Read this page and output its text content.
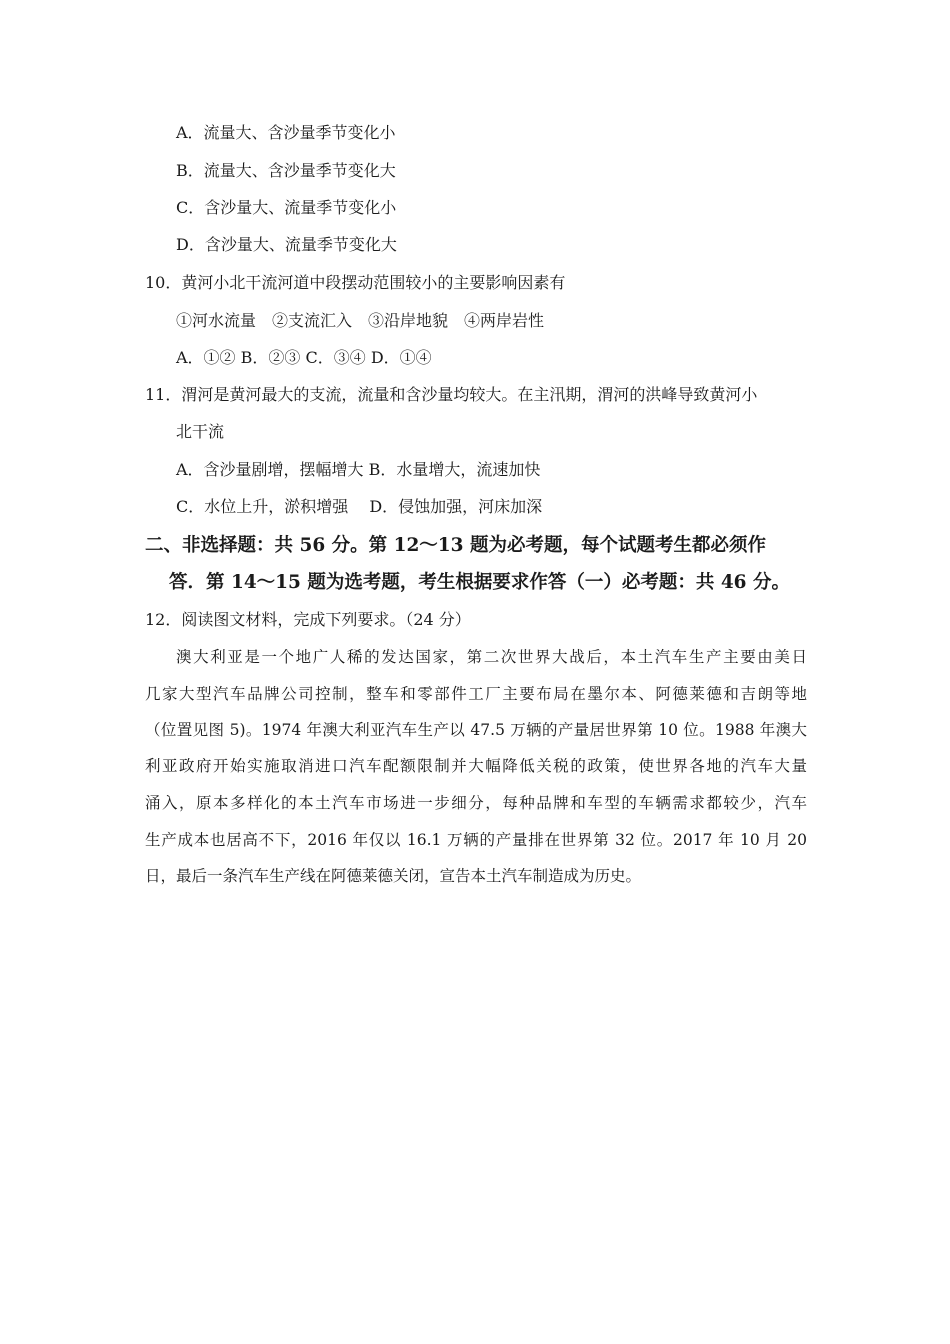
A．流量大、含沙量季节变化小
B．流量大、含沙量季节变化大
C．含沙量大、流量季节变化小
D．含沙量大、流量季节变化大
10．黄河小北干流河道中段摆动范围较小的主要影响因素有
①河水流量　②支流汇入　③沿岸地貌　④两岸岩性
A．①② B．②③ C．③④ D．①④
11．渭河是黄河最大的支流，流量和含沙量均较大。在主汛期，渭河的洪峰导致黄河小
北干流
A．含沙量剧增，摆幅增大 B．水量增大，流速加快
C．水位上升，淤积增强　 D．侵蚀加强，河床加深
二、非选择题：共 56 分。第 12～13 题为必考题，每个试题考生都必须作
答．第 14～15 题为选考题，考生根据要求作答（一）必考题：共 46 分。
12．阅读图文材料，完成下列要求。（24 分）
澳大利亚是一个地广人稀的发达国家，第二次世界大战后，本土汽车生产主要由美日
几家大型汽车品牌公司控制，整车和零部件工厂主要布局在墨尔本、阿德莱德和吉朗等地
（位置见图 5)。1974 年澳大利亚汽车生产以 47.5 万辆的产量居世界第 10 位。1988 年澳大
利亚政府开始实施取消进口汽车配额限制并大幅降低关税的政策，使世界各地的汽车大量
涌入，原本多样化的本土汽车市场进一步细分，每种品牌和车型的车辆需求都较少，汽车
生产成本也居高不下，2016 年仅以 16.1 万辆的产量排在世界第 32 位。2017 年 10 月 20
日，最后一条汽车生产线在阿德莱德关闭，宣告本土汽车制造成为历史。
